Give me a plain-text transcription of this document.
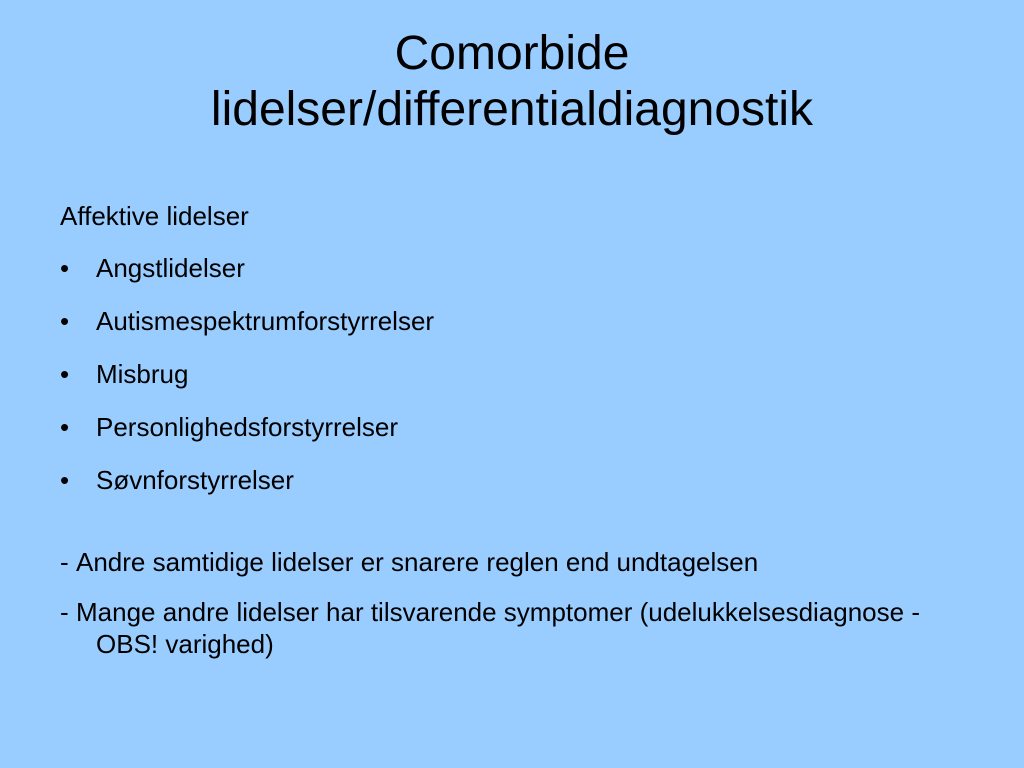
Comorbide
lidelser/differentialdiagnostik
Affektive lidelser
• Angstlidelser
• Autismespektrumforstyrrelser
• Misbrug
• Personlighedsforstyrrelser
• Søvnforstyrrelser

- Andre samtidige lidelser er snarere reglen end undtagelsen

- Mange andre lidelser har tilsvarende symptomer (udelukkelsesdiagnose - OBS! varighed)
